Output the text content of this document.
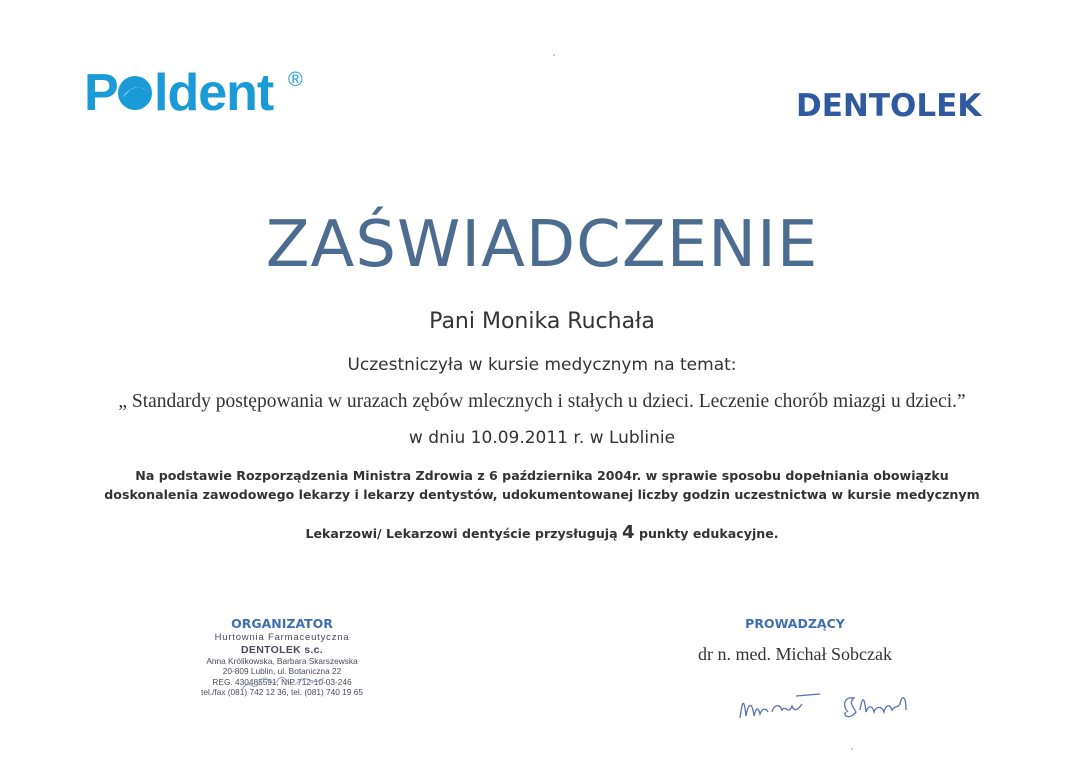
P ldent ®
DENTOLEK
ZAŚWIADCZENIE
Pani Monika Ruchała
Uczestniczyła w kursie medycznym na temat:
„ Standardy postępowania w urazach zębów mlecznych i stałych u dzieci. Leczenie chorób miazgi u dzieci.”
w dniu 10.09.2011 r. w Lublinie
Na podstawie Rozporządzenia Ministra Zdrowia z 6 października 2004r. w sprawie sposobu dopełniania obowiązku
doskonalenia zawodowego lekarzy i lekarzy dentystów, udokumentowanej liczby godzin uczestnictwa w kursie medycznym
Lekarzowi/ Lekarzowi dentyście przysługują 4 punkty edukacyjne.
ORGANIZATOR
Hurtownia Farmaceutyczna
DENTOLEK s.c.
Anna Królikowska, Barbara Skarszewska
20-809 Lublin, ul. Botaniczna 22
REG. 430485591, NIP 712-10-03-246
tel./fax (081) 742 12 36, tel. (081) 740 19 65
PROWADZĄCY
dr n. med. Michał Sobczak
